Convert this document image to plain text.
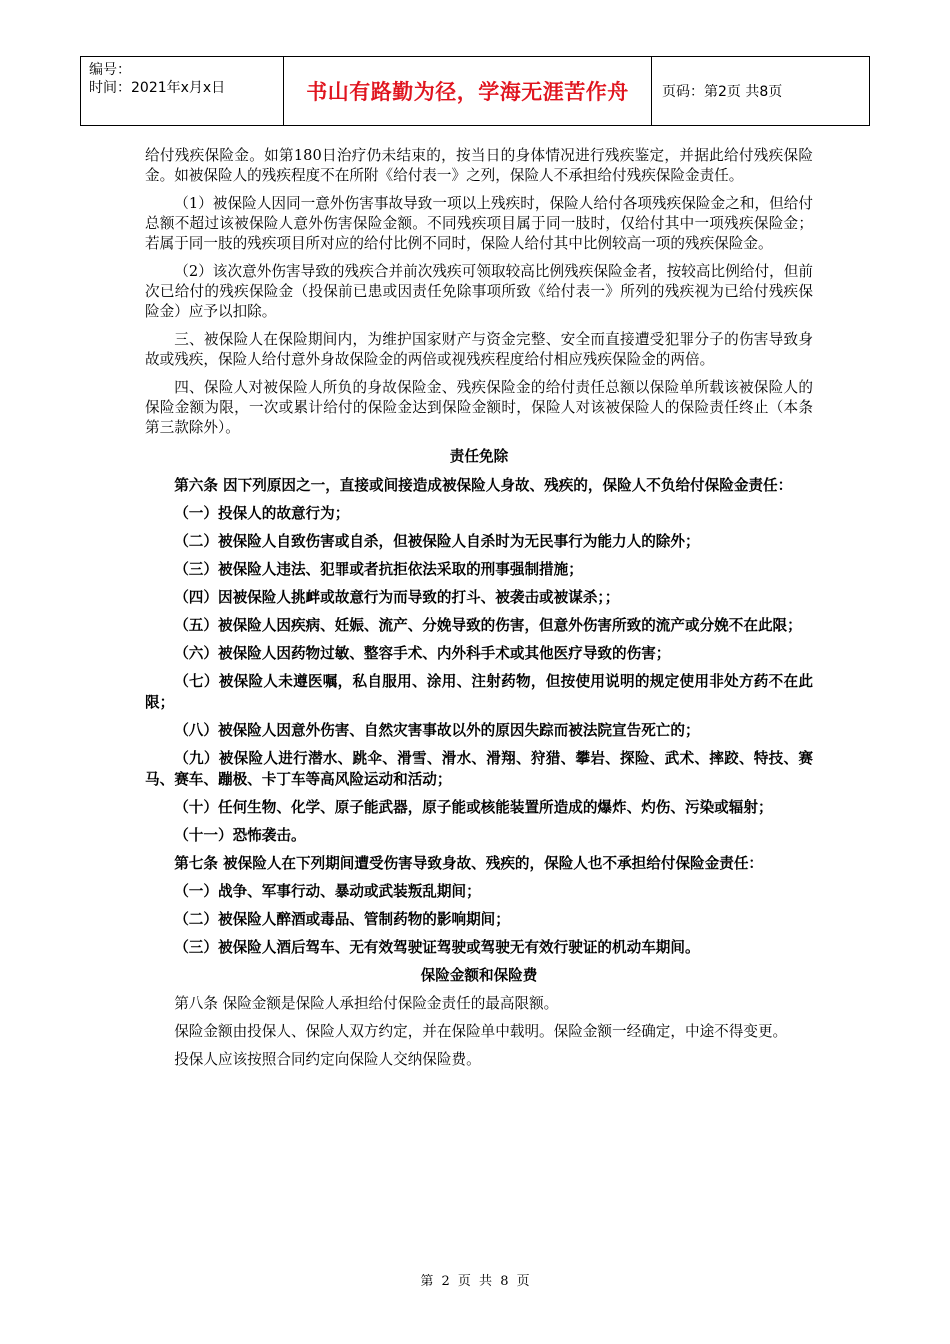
编号：
时间：2021年x月x日	书山有路勤为径，学海无涯苦作舟	页码：第2页 共8页

给付残疾保险金。如第180日治疗仍未结束的，按当日的身体情况进行残疾鉴定，并据此给付残疾保险金。如被保险人的残疾程度不在所附《给付表一》之列，保险人不承担给付残疾保险金责任。

（1）被保险人因同一意外伤害事故导致一项以上残疾时，保险人给付各项残疾保险金之和，但给付总额不超过该被保险人意外伤害保险金额。不同残疾项目属于同一肢时，仅给付其中一项残疾保险金；若属于同一肢的残疾项目所对应的给付比例不同时，保险人给付其中比例较高一项的残疾保险金。

（2）该次意外伤害导致的残疾合并前次残疾可领取较高比例残疾保险金者，按较高比例给付，但前次已给付的残疾保险金（投保前已患或因责任免除事项所致《给付表一》所列的残疾视为已给付残疾保险金）应予以扣除。

三、被保险人在保险期间内，为维护国家财产与资金完整、安全而直接遭受犯罪分子的伤害导致身故或残疾，保险人给付意外身故保险金的两倍或视残疾程度给付相应残疾保险金的两倍。

四、保险人对被保险人所负的身故保险金、残疾保险金的给付责任总额以保险单所载该被保险人的保险金额为限，一次或累计给付的保险金达到保险金额时，保险人对该被保险人的保险责任终止（本条第三款除外）。

责任免除

第六条 因下列原因之一，直接或间接造成被保险人身故、残疾的，保险人不负给付保险金责任：

（一）投保人的故意行为；

（二）被保险人自致伤害或自杀，但被保险人自杀时为无民事行为能力人的除外；

（三）被保险人违法、犯罪或者抗拒依法采取的刑事强制措施；

（四）因被保险人挑衅或故意行为而导致的打斗、被袭击或被谋杀；；

（五）被保险人因疾病、妊娠、流产、分娩导致的伤害，但意外伤害所致的流产或分娩不在此限；

（六）被保险人因药物过敏、整容手术、内外科手术或其他医疗导致的伤害；

（七）被保险人未遵医嘱，私自服用、涂用、注射药物，但按使用说明的规定使用非处方药不在此限；

（八）被保险人因意外伤害、自然灾害事故以外的原因失踪而被法院宣告死亡的；

（九）被保险人进行潜水、跳伞、滑雪、滑水、滑翔、狩猎、攀岩、探险、武术、摔跤、特技、赛马、赛车、蹦极、卡丁车等高风险运动和活动；

（十）任何生物、化学、原子能武器，原子能或核能装置所造成的爆炸、灼伤、污染或辐射；

（十一）恐怖袭击。

第七条 被保险人在下列期间遭受伤害导致身故、残疾的，保险人也不承担给付保险金责任：

（一）战争、军事行动、暴动或武装叛乱期间；

（二）被保险人醉酒或毒品、管制药物的影响期间；

（三）被保险人酒后驾车、无有效驾驶证驾驶或驾驶无有效行驶证的机动车期间。

保险金额和保险费

第八条 保险金额是保险人承担给付保险金责任的最高限额。

保险金额由投保人、保险人双方约定，并在保险单中载明。保险金额一经确定，中途不得变更。

投保人应该按照合同约定向保险人交纳保险费。

第 2 页 共 8 页
